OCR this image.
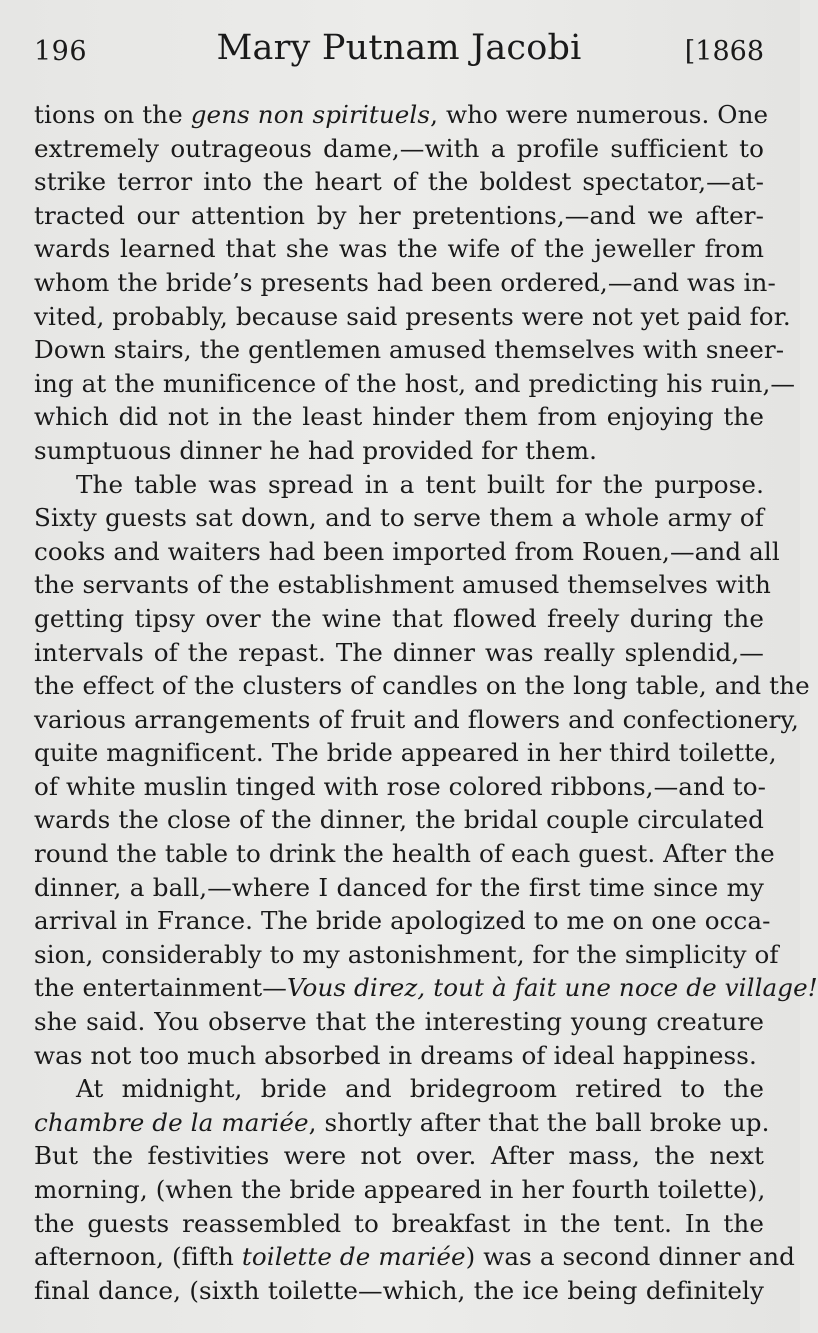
196	Mary Putnam Jacobi	[1868
tions on the gens non spirituels, who were numerous. One
extremely outrageous dame,—with a profile sufficient to
strike terror into the heart of the boldest spectator,—at-
tracted our attention by her pretentions,—and we after-
wards learned that she was the wife of the jeweller from
whom the bride’s presents had been ordered,—and was in-
vited, probably, because said presents were not yet paid for.
Down stairs, the gentlemen amused themselves with sneer-
ing at the munificence of the host, and predicting his ruin,—
which did not in the least hinder them from enjoying the
sumptuous dinner he had provided for them.
The table was spread in a tent built for the purpose.
Sixty guests sat down, and to serve them a whole army of
cooks and waiters had been imported from Rouen,—and all
the servants of the establishment amused themselves with
getting tipsy over the wine that flowed freely during the
intervals of the repast. The dinner was really splendid,—
the effect of the clusters of candles on the long table, and the
various arrangements of fruit and flowers and confectionery,
quite magnificent. The bride appeared in her third toilette,
of white muslin tinged with rose colored ribbons,—and to-
wards the close of the dinner, the bridal couple circulated
round the table to drink the health of each guest. After the
dinner, a ball,—where I danced for the first time since my
arrival in France. The bride apologized to me on one occa-
sion, considerably to my astonishment, for the simplicity of
the entertainment—Vous direz, tout à fait une noce de village!
she said. You observe that the interesting young creature
was not too much absorbed in dreams of ideal happiness.
At midnight, bride and bridegroom retired to the
chambre de la mariée, shortly after that the ball broke up.
But the festivities were not over. After mass, the next
morning, (when the bride appeared in her fourth toilette),
the guests reassembled to breakfast in the tent. In the
afternoon, (fifth toilette de mariée) was a second dinner and
final dance, (sixth toilette—which, the ice being definitely
